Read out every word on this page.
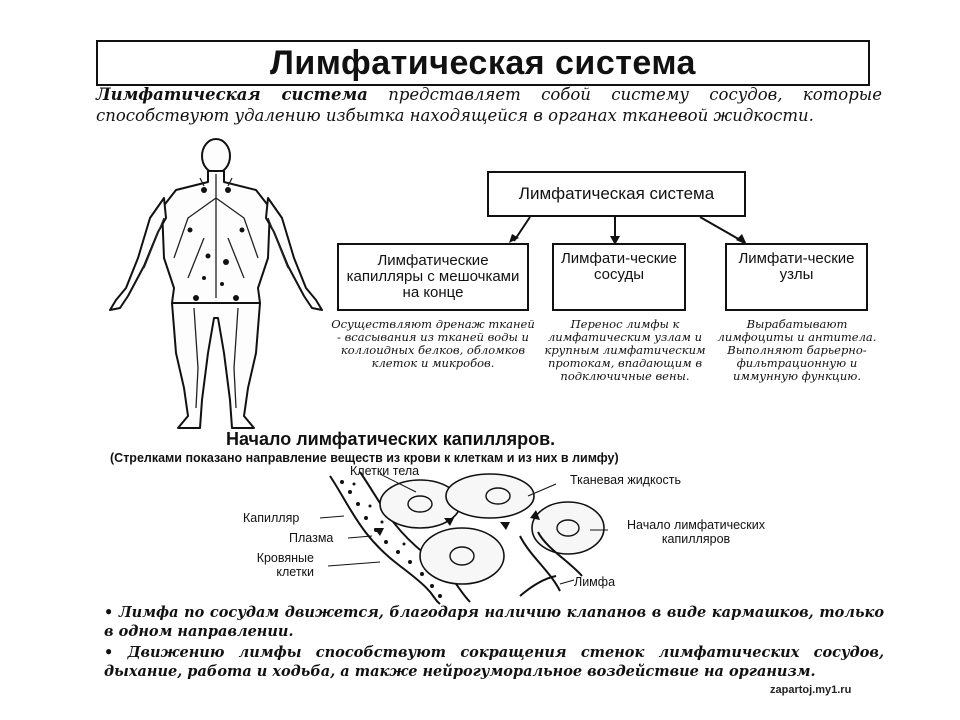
Лимфатическая система
Лимфатическая система представляет собой систему сосудов, которые способствуют удалению избытка находящейся в органах тканевой жидкости.
Лимфатическая система
Лимфатические капилляры с мешочками на конце
Лимфати-ческие сосуды
Лимфати-ческие узлы
Осуществляют дренаж тканей - всасывания из тканей воды и коллоидных белков, обломков клеток и микробов.
Перенос лимфы к лимфатическим узлам и крупным лимфатическим протокам, впадающим в подключичные вены.
Вырабатывают лимфоциты и антитела. Выполняют барьерно-фильтрационную и иммунную функцию.
Начало лимфатических капилляров.
(Стрелками показано направление веществ из крови к клеткам и из них в лимфу)
Клетки тела
Тканевая жидкость
Капилляр
Плазма
Кровяные клетки
Начало лимфатических капилляров
Лимфа

• Лимфа по сосудам движется, благодаря наличию клапанов в виде кармашков, только в одном направлении.

• Движению лимфы способствуют сокращения стенок лимфатических сосудов, дыхание, работа и ходьба, а также нейрогуморальное воздействие на организм.

zapartoj.my1.ru
